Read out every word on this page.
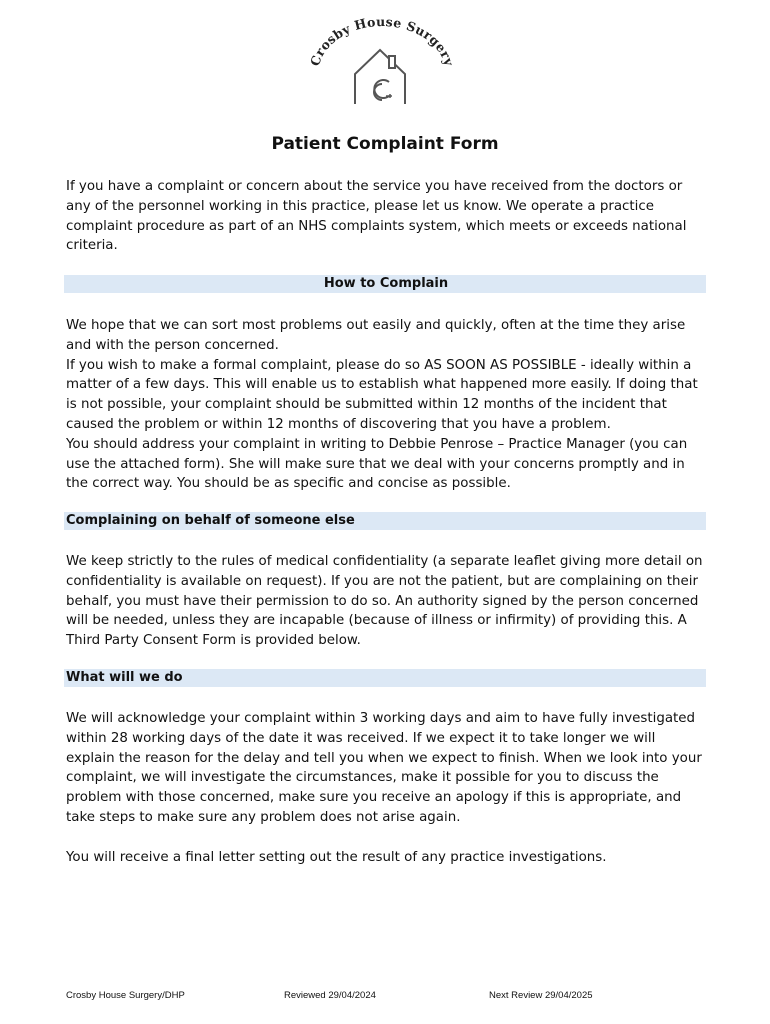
Crosby House Surgery
Patient Complaint Form

If you have a complaint or concern about the service you have received from the doctors or any of the personnel working in this practice, please let us know. We operate a practice complaint procedure as part of an NHS complaints system, which meets or exceeds national criteria.

How to Complain

We hope that we can sort most problems out easily and quickly, often at the time they arise and with the person concerned.

If you wish to make a formal complaint, please do so AS SOON AS POSSIBLE - ideally within a matter of a few days. This will enable us to establish what happened more easily. If doing that is not possible, your complaint should be submitted within 12 months of the incident that caused the problem or within 12 months of discovering that you have a problem.

You should address your complaint in writing to Debbie Penrose – Practice Manager (you can use the attached form). She will make sure that we deal with your concerns promptly and in the correct way. You should be as specific and concise as possible.

Complaining on behalf of someone else

We keep strictly to the rules of medical confidentiality (a separate leaflet giving more detail on confidentiality is available on request). If you are not the patient, but are complaining on their behalf, you must have their permission to do so. An authority signed by the person concerned will be needed, unless they are incapable (because of illness or infirmity) of providing this. A Third Party Consent Form is provided below.

What will we do

We will acknowledge your complaint within 3 working days and aim to have fully investigated within 28 working days of the date it was received. If we expect it to take longer we will explain the reason for the delay and tell you when we expect to finish. When we look into your complaint, we will investigate the circumstances, make it possible for you to discuss the problem with those concerned, make sure you receive an apology if this is appropriate, and take steps to make sure any problem does not arise again.

You will receive a final letter setting out the result of any practice investigations.

Crosby House Surgery/DHP	Reviewed 29/04/2024	Next Review 29/04/2025
